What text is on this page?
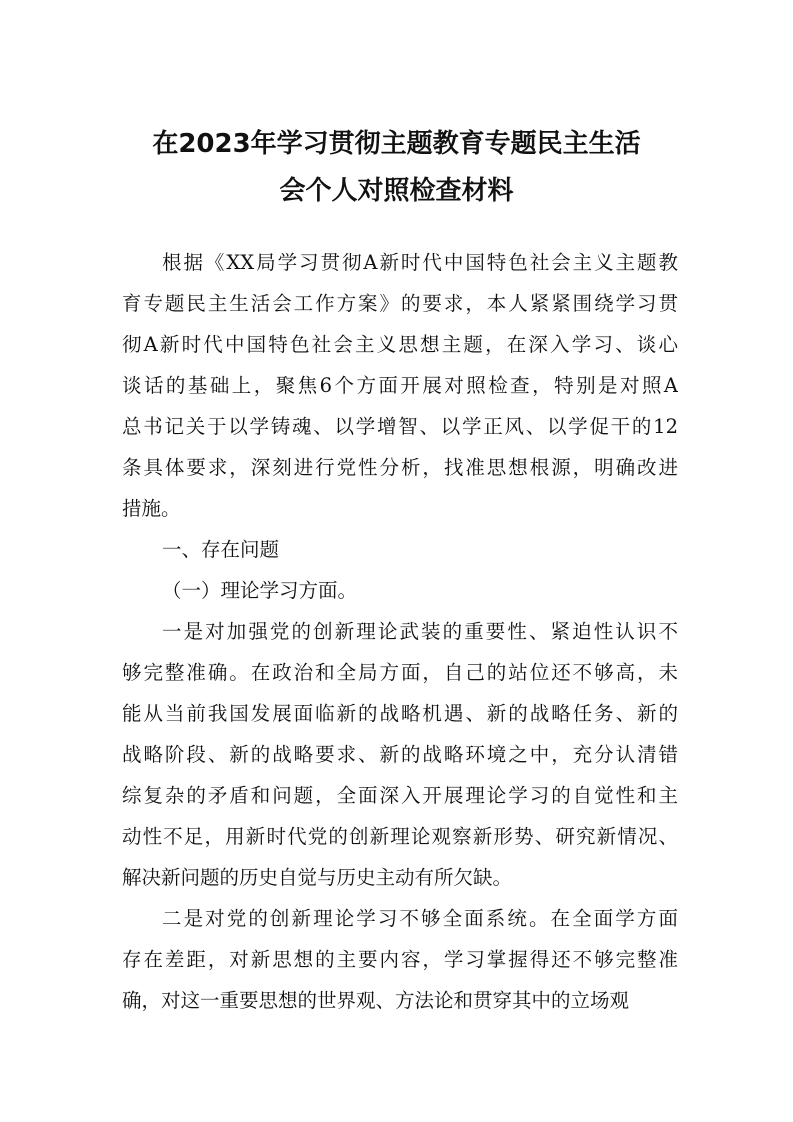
在2023年学习贯彻主题教育专题民主生活
会个人对照检查材料
根据《XX局学习贯彻A新时代中国特色社会主义主题教
育专题民主生活会工作方案》的要求，本人紧紧围绕学习贯
彻A新时代中国特色社会主义思想主题，在深入学习、谈心
谈话的基础上，聚焦6个方面开展对照检查，特别是对照A
总书记关于以学铸魂、以学增智、以学正风、以学促干的12
条具体要求，深刻进行党性分析，找准思想根源，明确改进
措施。
一、存在问题
（一）理论学习方面。
一是对加强党的创新理论武装的重要性、紧迫性认识不
够完整准确。在政治和全局方面，自己的站位还不够高，未
能从当前我国发展面临新的战略机遇、新的战略任务、新的
战略阶段、新的战略要求、新的战略环境之中，充分认清错
综复杂的矛盾和问题，全面深入开展理论学习的自觉性和主
动性不足，用新时代党的创新理论观察新形势、研究新情况、
解决新问题的历史自觉与历史主动有所欠缺。
二是对党的创新理论学习不够全面系统。在全面学方面
存在差距，对新思想的主要内容，学习掌握得还不够完整准
确，对这一重要思想的世界观、方法论和贯穿其中的立场观
